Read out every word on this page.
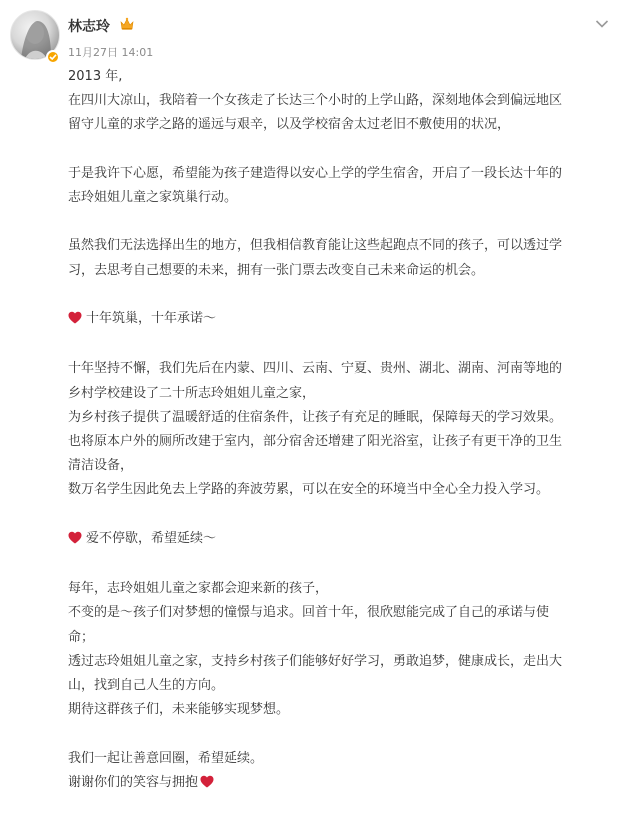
林志玲
11月27日 14:01

2013 年,

在四川大凉山，我陪着一个女孩走了长达三个小时的上学山路，深刻地体会到偏远地区

留守儿童的求学之路的遥远与艰辛，以及学校宿舍太过老旧不敷使用的状况，

于是我许下心愿，希望能为孩子建造得以安心上学的学生宿舍，开启了一段长达十年的

志玲姐姐儿童之家筑巢行动。

虽然我们无法选择出生的地方，但我相信教育能让这些起跑点不同的孩子，可以透过学

习，去思考自己想要的未来，拥有一张门票去改变自己未来命运的机会。

十年筑巢，十年承诺～

十年坚持不懈，我们先后在内蒙、四川、云南、宁夏、贵州、湖北、湖南、河南等地的

乡村学校建设了二十所志玲姐姐儿童之家，

为乡村孩子提供了温暖舒适的住宿条件，让孩子有充足的睡眠，保障每天的学习效果。

也将原本户外的厕所改建于室内，部分宿舍还增建了阳光浴室，让孩子有更干净的卫生

清洁设备，

数万名学生因此免去上学路的奔波劳累，可以在安全的环境当中全心全力投入学习。

爱不停歇，希望延续～

每年，志玲姐姐儿童之家都会迎来新的孩子，

不变的是～孩子们对梦想的憧憬与追求。回首十年，很欣慰能完成了自己的承诺与使

命；

透过志玲姐姐儿童之家，支持乡村孩子们能够好好学习，勇敢追梦，健康成长，走出大

山，找到自己人生的方向。

期待这群孩子们，未来能够实现梦想。

我们一起让善意回圈，希望延续。

谢谢你们的笑容与拥抱
